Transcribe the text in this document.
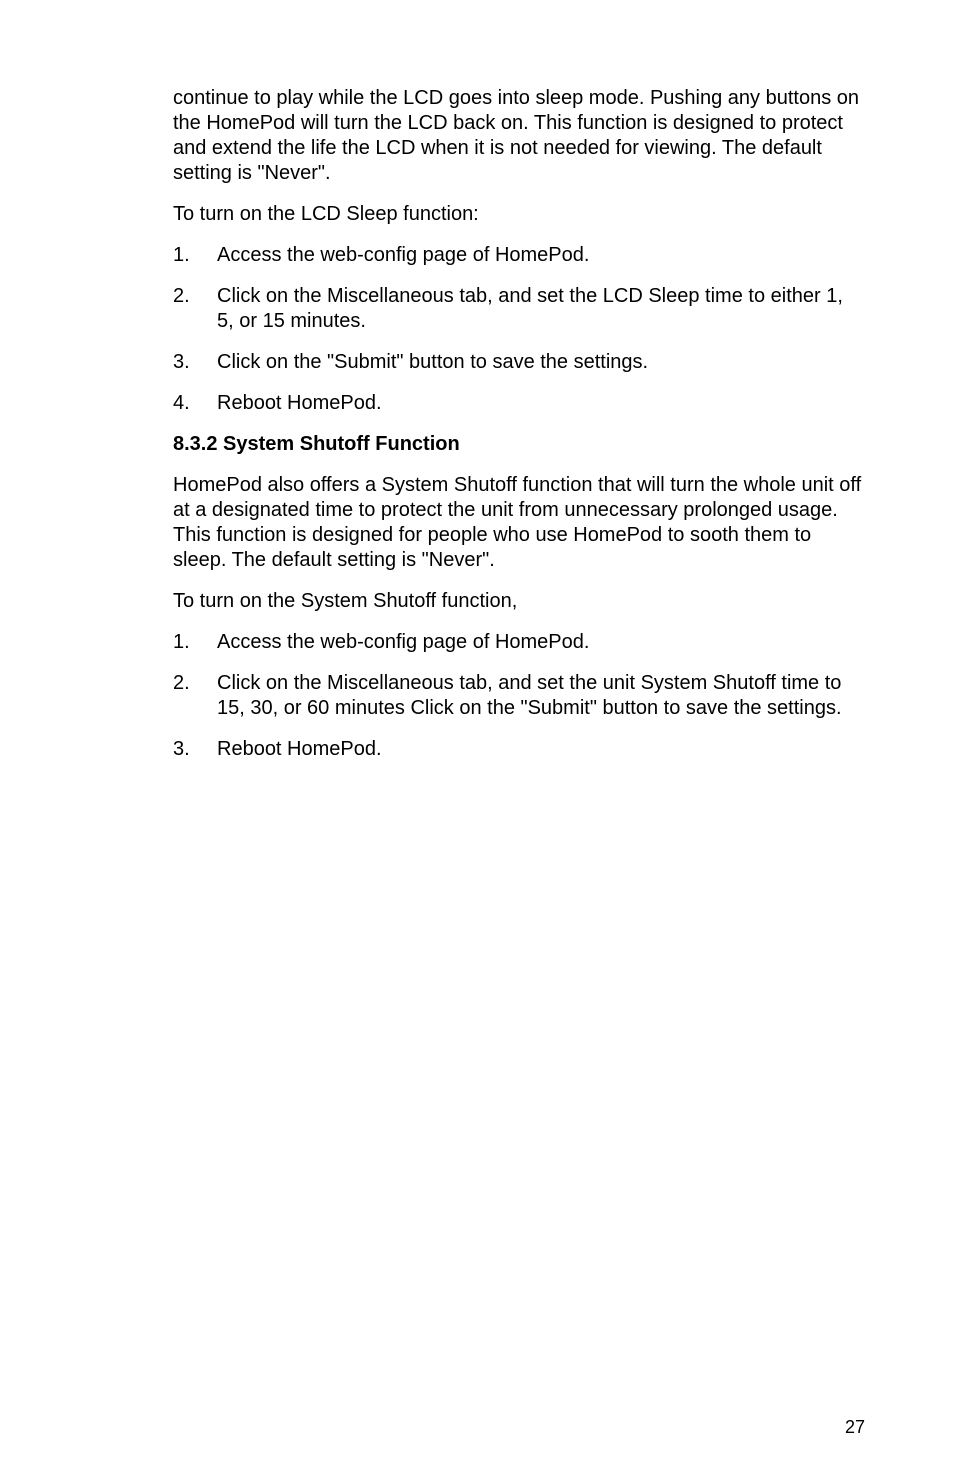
continue to play while the LCD goes into sleep mode. Pushing any buttons on the HomePod will turn the LCD back on. This function is designed to protect and extend the life the LCD when it is not needed for viewing. The default setting is "Never".

To turn on the LCD Sleep function:

1. Access the web-config page of HomePod.
2. Click on the Miscellaneous tab, and set the LCD Sleep time to either 1, 5, or 15 minutes.
3. Click on the "Submit" button to save the settings.
4. Reboot HomePod.
8.3.2 System Shutoff Function

HomePod also offers a System Shutoff function that will turn the whole unit off at a designated time to protect the unit from unnecessary prolonged usage. This function is designed for people who use HomePod to sooth them to sleep. The default setting is "Never".

To turn on the System Shutoff function,

1. Access the web-config page of HomePod.
2. Click on the Miscellaneous tab, and set the unit System Shutoff time to 15, 30, or 60 minutes Click on the "Submit" button to save the settings.
3. Reboot HomePod.
27
